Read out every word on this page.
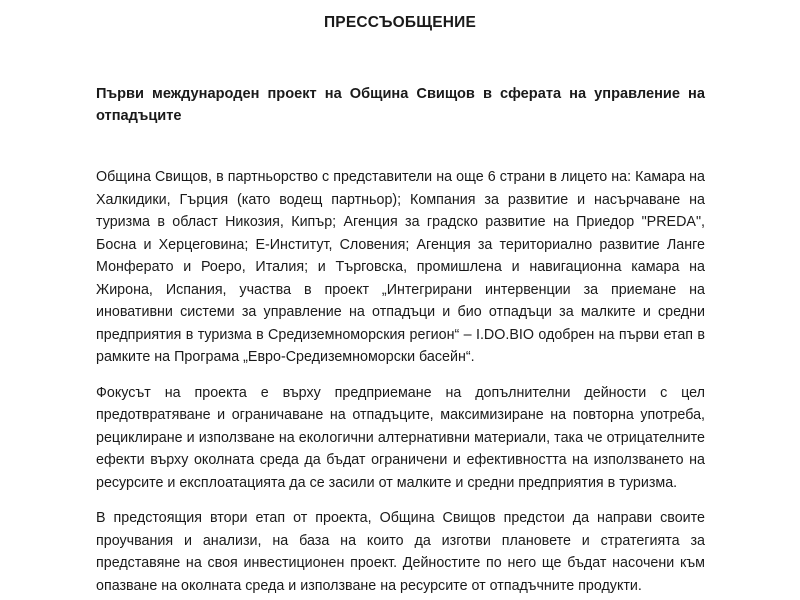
ПРЕССЪОБЩЕНИЕ
Първи международен проект на Община Свищов в сферата на управление на отпадъците

Община Свищов, в партньорство с представители на още 6 страни в лицето на: Камара на Халкидики, Гърция (като водещ партньор); Компания за развитие и насърчаване на туризма в област Никозия, Кипър; Агенция за градско развитие на Приедор "PREDA", Босна и Херцеговина; Е-Институт, Словения; Агенция за териториално развитие Ланге Монферато и Роеро, Италия; и Търговска, промишлена и навигационна камара на Жирона, Испания, участва в проект „Интегрирани интервенции за приемане на иновативни системи за управление на отпадъци и био отпадъци за малките и средни предприятия в туризма в Средиземноморския регион“ – I.DO.BIO одобрен на първи етап в рамките на Програма „Евро-Средиземноморски басейн“.

Фокусът на проекта е върху предприемане на допълнителни дейности с цел предотвратяване и ограничаване на отпадъците, максимизиране на повторна употреба, рециклиране и използване на екологични алтернативни материали, така че отрицателните ефекти върху околната среда да бъдат ограничени и ефективността на използването на ресурсите и експлоатацията да се засили от малките и средни предприятия в туризма.

В предстоящия втори етап от проекта, Община Свищов предстои да направи своите проучвания и анализи, на база на които да изготви плановете и стратегията за представяне на своя инвестиционен проект. Дейностите по него ще бъдат насочени към опазване на околната среда и използване на ресурсите от отпадъчните продукти.
